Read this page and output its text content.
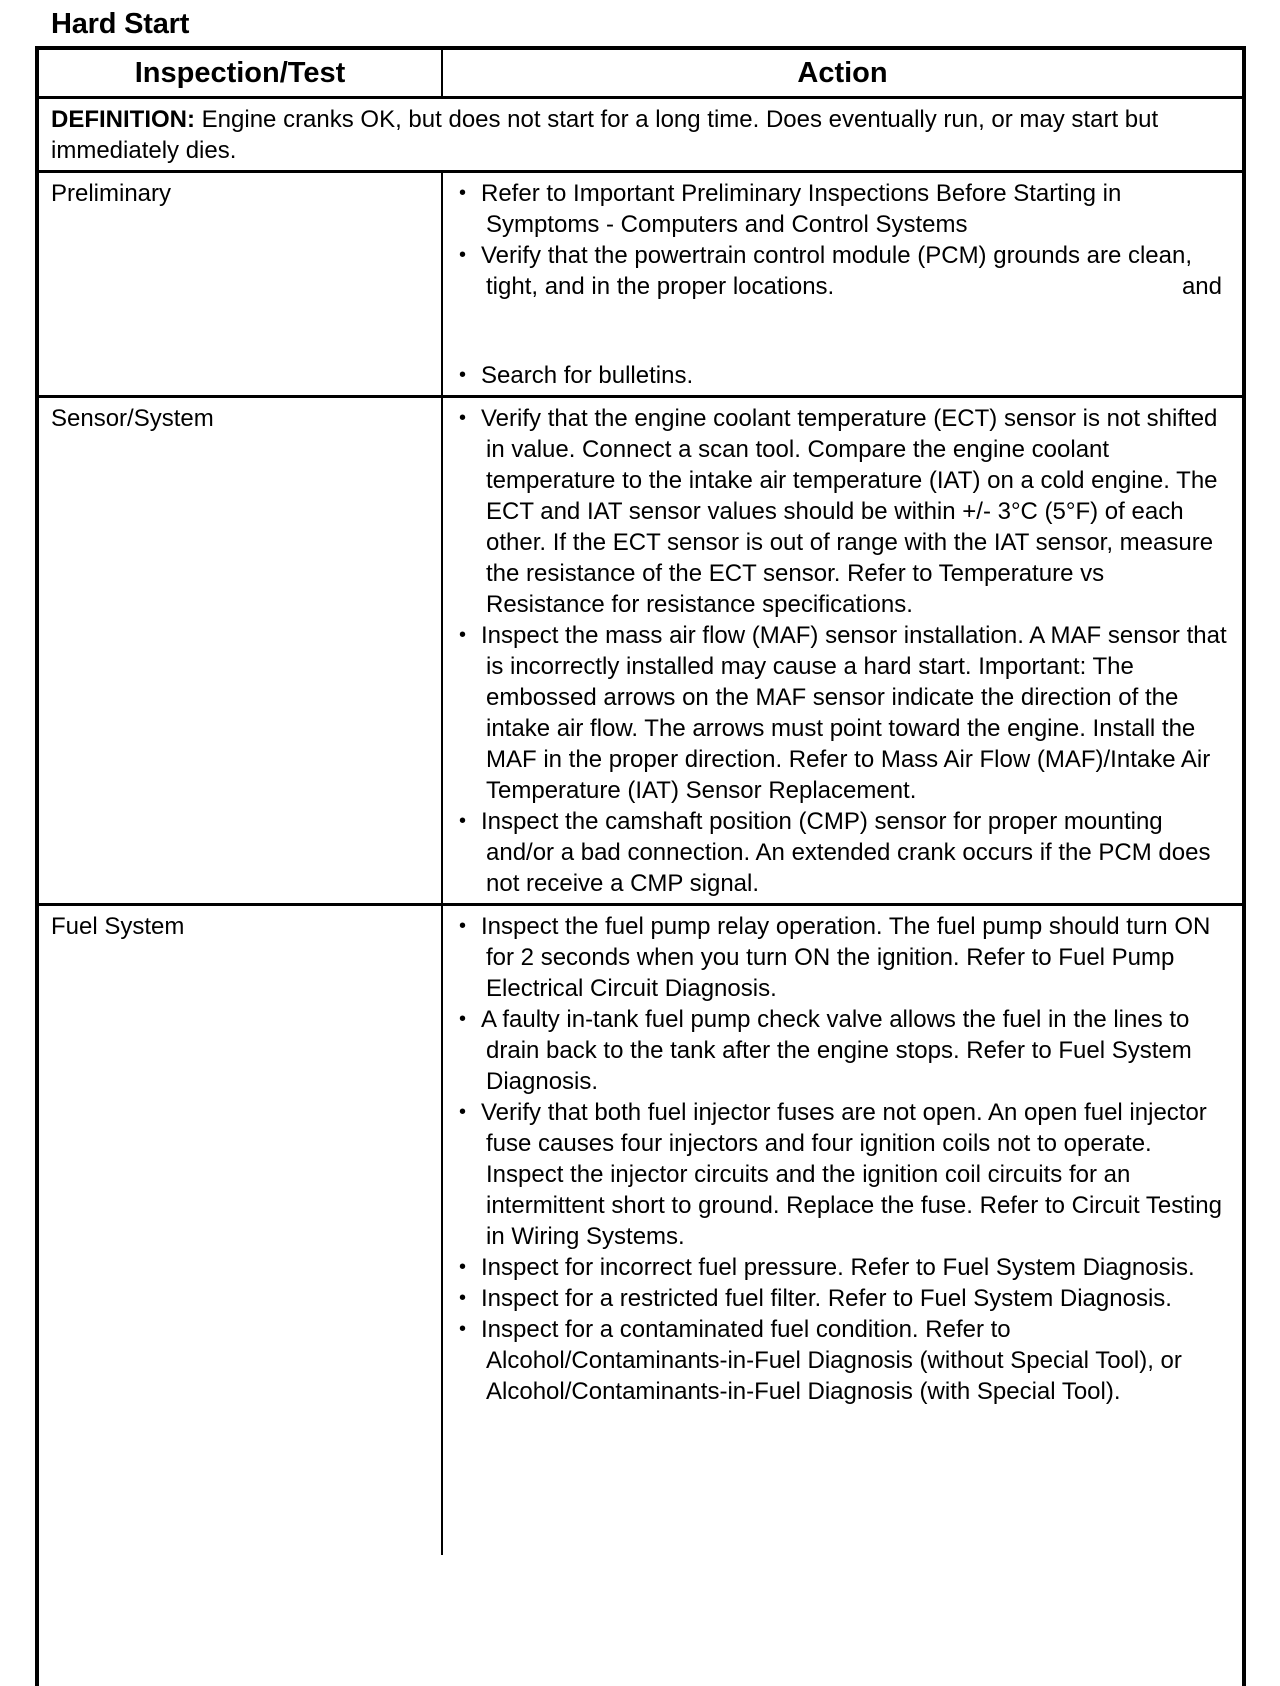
Hard Start
Inspection/Test	Action
DEFINITION: Engine cranks OK, but does not start for a long time. Does eventually run, or may start but immediately dies.	
Preliminary	• Refer to Important Preliminary Inspections Before Starting in Symptoms - Computers and Control Systems
• Verify that the powertrain control module (PCM) grounds are clean, tight, and in the proper locations.	and
• Search for bulletins.

Sensor/System	• Verify that the engine coolant temperature (ECT) sensor is not shifted in value. Connect a scan tool. Compare the engine coolant temperature to the intake air temperature (IAT) on a cold engine. The ECT and IAT sensor values should be within +/- 3°C (5°F) of each other. If the ECT sensor is out of range with the IAT sensor, measure the resistance of the ECT sensor. Refer to Temperature vs Resistance for resistance specifications.
• Inspect the mass air flow (MAF) sensor installation. A MAF sensor that is incorrectly installed may cause a hard start. Important: The embossed arrows on the MAF sensor indicate the direction of the intake air flow. The arrows must point toward the engine. Install the MAF in the proper direction. Refer to Mass Air Flow (MAF)/Intake Air Temperature (IAT) Sensor Replacement.
• Inspect the camshaft position (CMP) sensor for proper mounting and/or a bad connection. An extended crank occurs if the PCM does not receive a CMP signal.

Fuel System	• Inspect the fuel pump relay operation. The fuel pump should turn ON for 2 seconds when you turn ON the ignition. Refer to Fuel Pump Electrical Circuit Diagnosis.
• A faulty in-tank fuel pump check valve allows the fuel in the lines to drain back to the tank after the engine stops. Refer to Fuel System Diagnosis.
• Verify that both fuel injector fuses are not open. An open fuel injector fuse causes four injectors and four ignition coils not to operate. Inspect the injector circuits and the ignition coil circuits for an intermittent short to ground. Replace the fuse. Refer to Circuit Testing in Wiring Systems.
• Inspect for incorrect fuel pressure. Refer to Fuel System Diagnosis.
• Inspect for a restricted fuel filter. Refer to Fuel System Diagnosis.
• Inspect for a contaminated fuel condition. Refer to Alcohol/Contaminants-in-Fuel Diagnosis (without Special Tool), or Alcohol/Contaminants-in-Fuel Diagnosis (with Special Tool).
